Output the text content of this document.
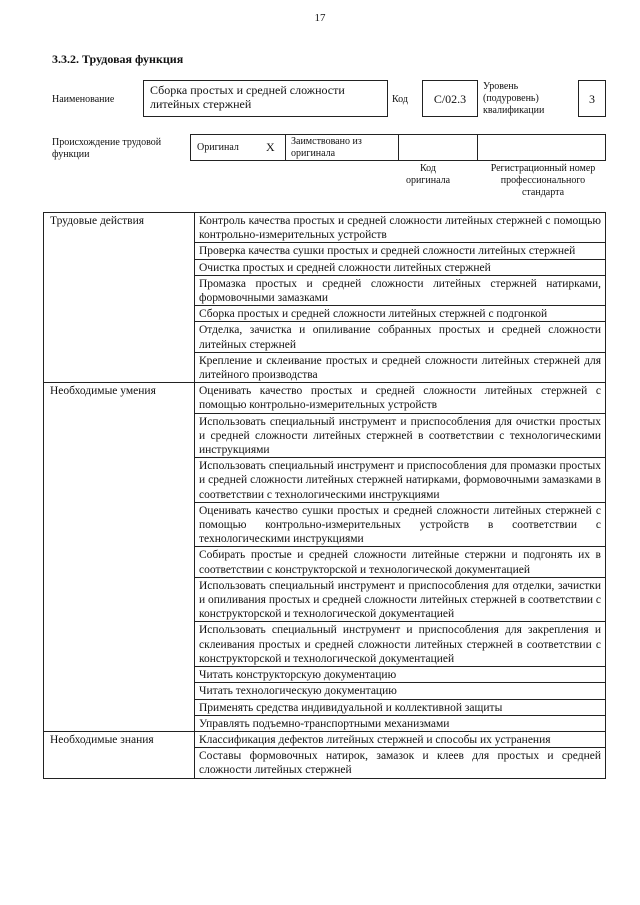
17
3.3.2. Трудовая функция
Наименование
Сборка простых и средней сложности литейных стержней	Код	C/02.3
Уровень (подуровень) квалификации
3
Происхождение трудовой функции
Оригинал X Заимствовано из оригинала
Код оригинала
Регистрационный номер профессионального стандарта
Трудовые действия	Контроль качества простых и средней сложности литейных стержней с помощью контрольно-измерительных устройств
	Проверка качества сушки простых и средней сложности литейных стержней
	Очистка простых и средней сложности литейных стержней
	Промазка простых и средней сложности литейных стержней натирками, формовочными замазками
	Сборка простых и средней сложности литейных стержней с подгонкой
	Отделка, зачистка и опиливание собранных простых и средней сложности литейных стержней
	Крепление и склеивание простых и средней сложности литейных стержней для литейного производства
Необходимые умения	Оценивать качество простых и средней сложности литейных стержней с помощью контрольно-измерительных устройств
	Использовать специальный инструмент и приспособления для очистки простых и средней сложности литейных стержней в соответствии с технологическими инструкциями
	Использовать специальный инструмент и приспособления для промазки простых и средней сложности литейных стержней натирками, формовочными замазками в соответствии с технологическими инструкциями
	Оценивать качество сушки простых и средней сложности литейных стержней с помощью контрольно-измерительных устройств в соответствии с технологическими инструкциями
	Собирать простые и средней сложности литейные стержни и подгонять их в соответствии с конструкторской и технологической документацией
	Использовать специальный инструмент и приспособления для отделки, зачистки и опиливания простых и средней сложности литейных стержней в соответствии с конструкторской и технологической документацией
	Использовать специальный инструмент и приспособления для закрепления и склеивания простых и средней сложности литейных стержней в соответствии с конструкторской и технологической документацией
	Читать конструкторскую документацию
	Читать технологическую документацию
	Применять средства индивидуальной и коллективной защиты
	Управлять подъемно-транспортными механизмами
Необходимые знания	Классификация дефектов литейных стержней и способы их устранения
	Составы формовочных натирок, замазок и клеев для простых и средней сложности литейных стержней
